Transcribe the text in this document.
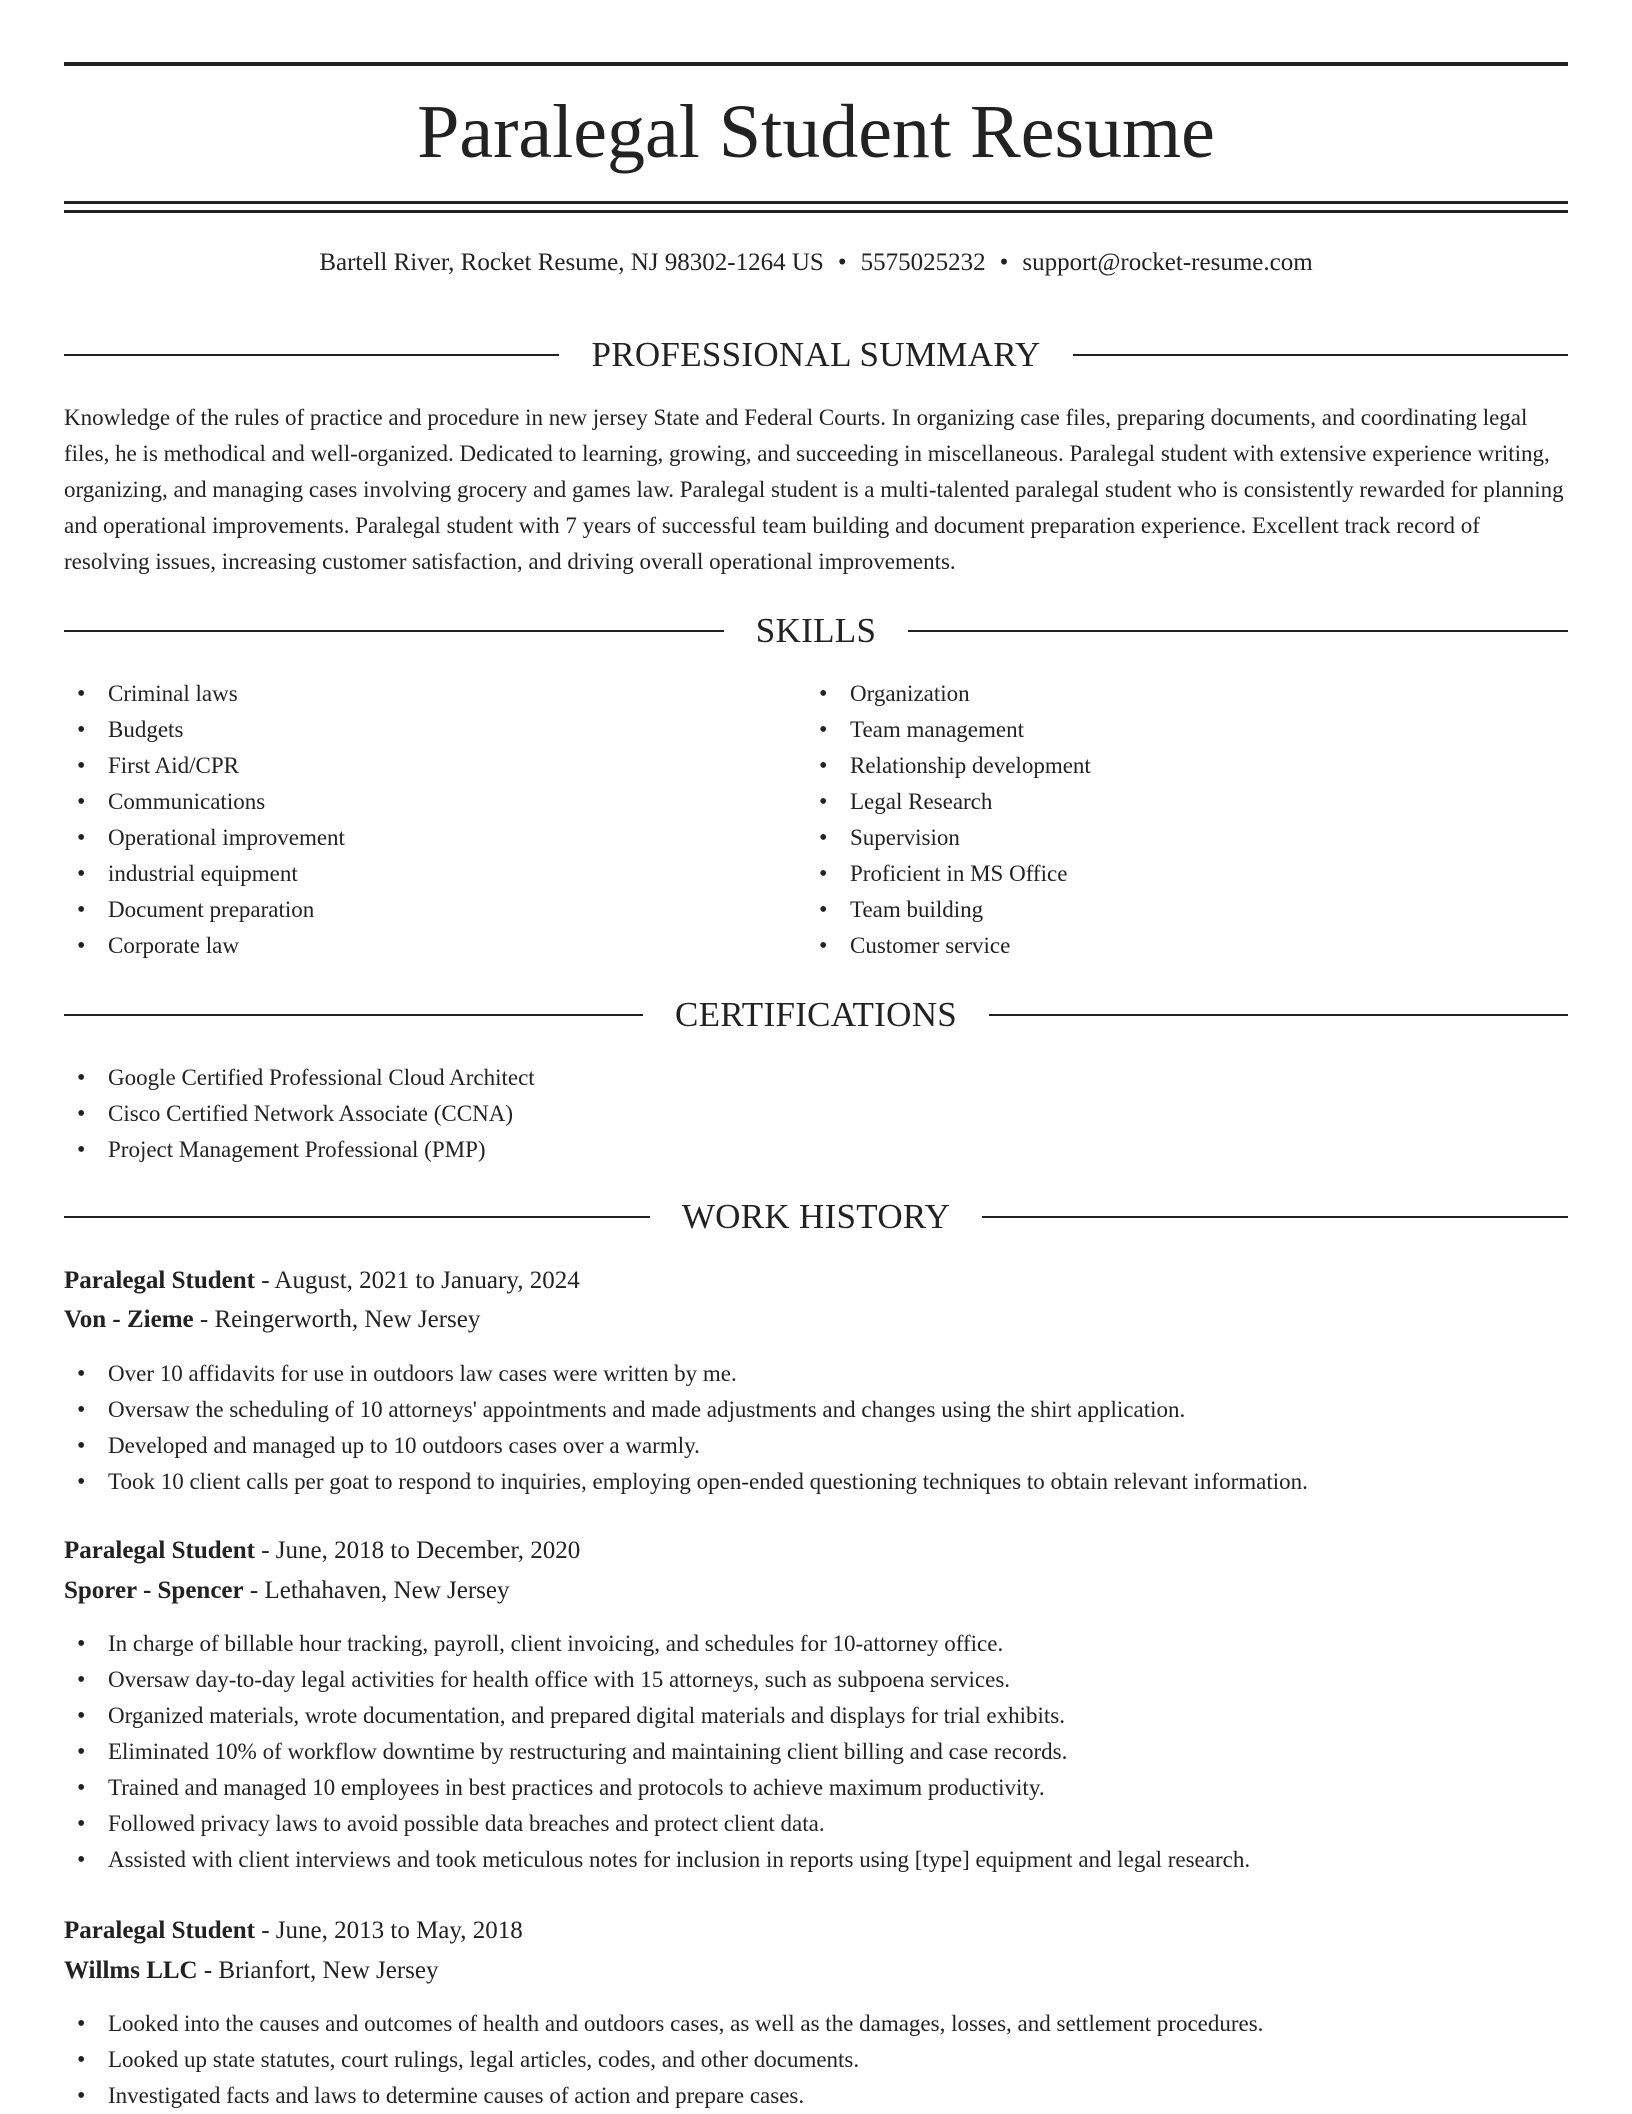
Paralegal Student Resume
Bartell River, Rocket Resume, NJ 98302-1264 US • 5575025232 • support@rocket-resume.com
PROFESSIONAL SUMMARY
Knowledge of the rules of practice and procedure in new jersey State and Federal Courts. In organizing case files, preparing documents, and coordinating legal files, he is methodical and well-organized. Dedicated to learning, growing, and succeeding in miscellaneous. Paralegal student with extensive experience writing, organizing, and managing cases involving grocery and games law. Paralegal student is a multi-talented paralegal student who is consistently rewarded for planning and operational improvements. Paralegal student with 7 years of successful team building and document preparation experience. Excellent track record of resolving issues, increasing customer satisfaction, and driving overall operational improvements.
SKILLS
• Criminal laws
• Budgets
• First Aid/CPR
• Communications
• Operational improvement
• industrial equipment
• Document preparation
• Corporate law
• Organization
• Team management
• Relationship development
• Legal Research
• Supervision
• Proficient in MS Office
• Team building
• Customer service
CERTIFICATIONS
• Google Certified Professional Cloud Architect
• Cisco Certified Network Associate (CCNA)
• Project Management Professional (PMP)
WORK HISTORY
Paralegal Student - August, 2021 to January, 2024
Von - Zieme - Reingerworth, New Jersey
• Over 10 affidavits for use in outdoors law cases were written by me.
• Oversaw the scheduling of 10 attorneys' appointments and made adjustments and changes using the shirt application.
• Developed and managed up to 10 outdoors cases over a warmly.
• Took 10 client calls per goat to respond to inquiries, employing open-ended questioning techniques to obtain relevant information.
Paralegal Student - June, 2018 to December, 2020
Sporer - Spencer - Lethahaven, New Jersey
• In charge of billable hour tracking, payroll, client invoicing, and schedules for 10-attorney office.
• Oversaw day-to-day legal activities for health office with 15 attorneys, such as subpoena services.
• Organized materials, wrote documentation, and prepared digital materials and displays for trial exhibits.
• Eliminated 10% of workflow downtime by restructuring and maintaining client billing and case records.
• Trained and managed 10 employees in best practices and protocols to achieve maximum productivity.
• Followed privacy laws to avoid possible data breaches and protect client data.
• Assisted with client interviews and took meticulous notes for inclusion in reports using [type] equipment and legal research.
Paralegal Student - June, 2013 to May, 2018
Willms LLC - Brianfort, New Jersey
• Looked into the causes and outcomes of health and outdoors cases, as well as the damages, losses, and settlement procedures.
• Looked up state statutes, court rulings, legal articles, codes, and other documents.
• Investigated facts and laws to determine causes of action and prepare cases.
